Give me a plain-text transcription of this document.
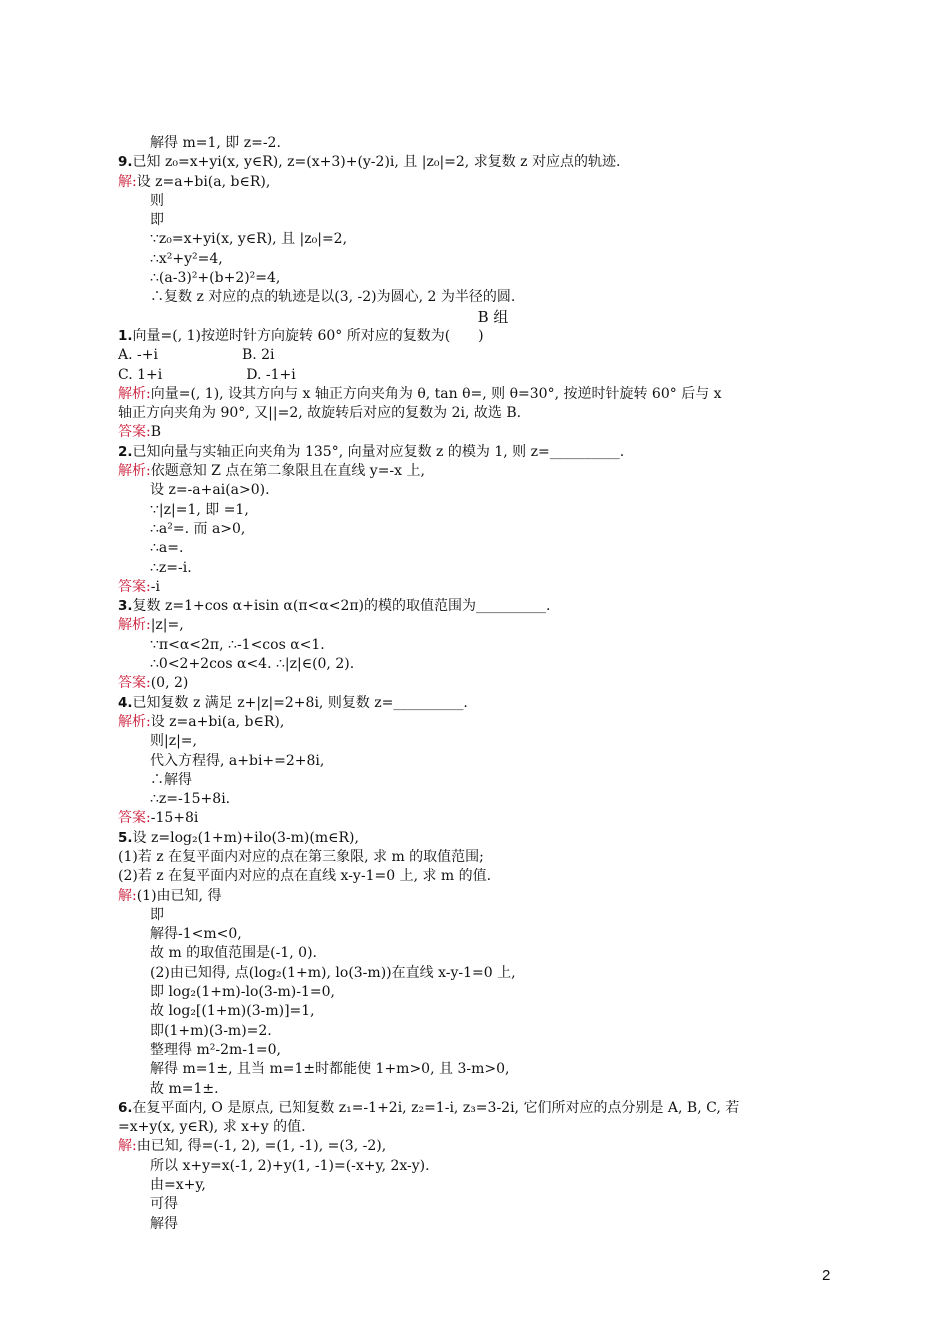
解得 m=1, 即 z=-2.
9.已知 z₀=x+yi(x, y∈R), z=(x+3)+(y-2)i, 且 |z₀|=2, 求复数 z 对应点的轨迹.
解:设 z=a+bi(a, b∈R),
则
即
∵z₀=x+yi(x, y∈R), 且 |z₀|=2,
∴x²+y²=4,
∴(a-3)²+(b+2)²=4,
∴复数 z 对应的点的轨迹是以(3, -2)为圆心, 2 为半径的圆.
B 组
1.向量=(, 1)按逆时针方向旋转 60° 所对应的复数为(　　)
A. -+i　　　　　　B. 2i
C. 1+i　　　　　　D. -1+i
解析:向量=(, 1), 设其方向与 x 轴正方向夹角为 θ, tan θ=, 则 θ=30°, 按逆时针旋转 60° 后与 x
轴正方向夹角为 90°, 又||=2, 故旋转后对应的复数为 2i, 故选 B.
答案:B
2.已知向量与实轴正向夹角为 135°, 向量对应复数 z 的模为 1, 则 z=__________.
解析:依题意知 Z 点在第二象限且在直线 y=-x 上,
设 z=-a+ai(a>0).
∵|z|=1, 即 =1,
∴a²=. 而 a>0,
∴a=.
∴z=-i.
答案:-i
3.复数 z=1+cos α+isin α(π<α<2π)的模的取值范围为__________.
解析:|z|=,
∵π<α<2π, ∴-1<cos α<1.
∴0<2+2cos α<4. ∴|z|∈(0, 2).
答案:(0, 2)
4.已知复数 z 满足 z+|z|=2+8i, 则复数 z=__________.
解析:设 z=a+bi(a, b∈R),
则|z|=,
代入方程得, a+bi+=2+8i,
∴解得
∴z=-15+8i.
答案:-15+8i
5.设 z=log₂(1+m)+ilo(3-m)(m∈R),
(1)若 z 在复平面内对应的点在第三象限, 求 m 的取值范围;
(2)若 z 在复平面内对应的点在直线 x-y-1=0 上, 求 m 的值.
解:(1)由已知, 得
即
解得-1<m<0,
故 m 的取值范围是(-1, 0).
(2)由已知得, 点(log₂(1+m), lo(3-m))在直线 x-y-1=0 上,
即 log₂(1+m)-lo(3-m)-1=0,
故 log₂[(1+m)(3-m)]=1,
即(1+m)(3-m)=2.
整理得 m²-2m-1=0,
解得 m=1±, 且当 m=1±时都能使 1+m>0, 且 3-m>0,
故 m=1±.
6.在复平面内, O 是原点, 已知复数 z₁=-1+2i, z₂=1-i, z₃=3-2i, 它们所对应的点分别是 A, B, C, 若
=x+y(x, y∈R), 求 x+y 的值.
解:由已知, 得=(-1, 2), =(1, -1), =(3, -2),
所以 x+y=x(-1, 2)+y(1, -1)=(-x+y, 2x-y).
由=x+y,
可得
解得
2
